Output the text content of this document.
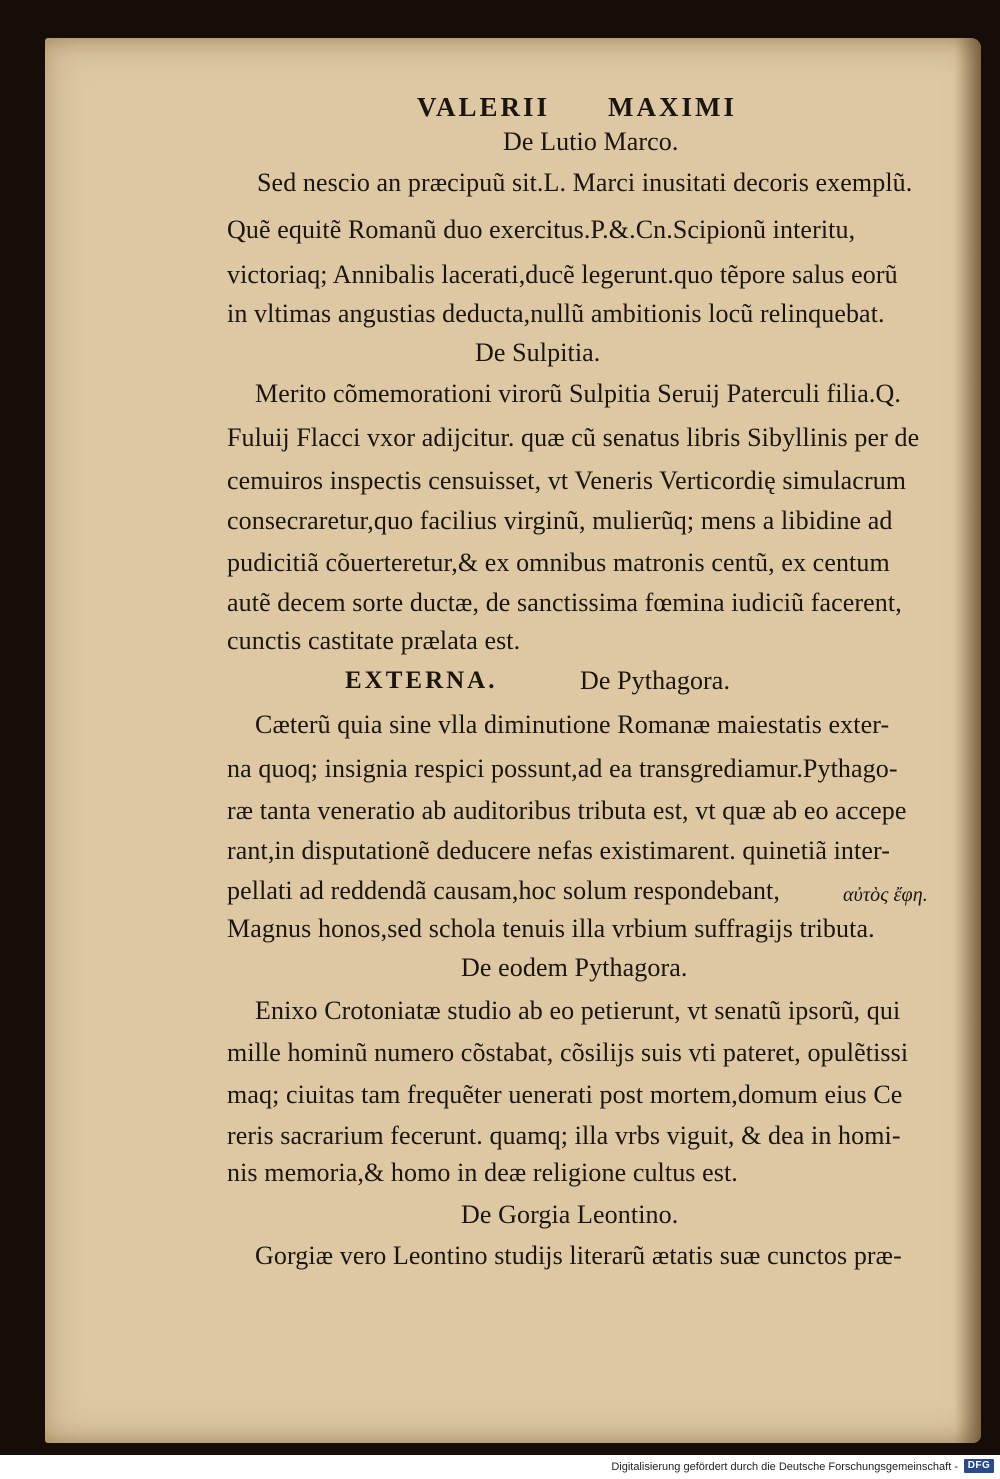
VALERII MAXIMI
De Lutio Marco.
Sed nescio an præcipuũ sit.L. Marci inusitati decoris exemplũ.
Quẽ equitẽ Romanũ duo exercitus.P.&.Cn.Scipionũ interitu,
victoriaq; Annibalis lacerati,ducẽ legerunt.quo tẽpore salus eorũ
in vltimas angustias deducta,nullũ ambitionis locũ relinquebat.
De Sulpitia.
Merito cõmemorationi virorũ Sulpitia Seruij Paterculi filia.Q.
Fuluij Flacci vxor adijcitur. quæ cũ senatus libris Sibyllinis per de
cemuiros inspectis censuisset, vt Veneris Verticordię simulacrum
consecraretur,quo facilius virginũ, mulierũq; mens a libidine ad
pudicitiã cõuerteretur,& ex omnibus matronis centũ, ex centum
autẽ decem sorte ductæ, de sanctissima fœmina iudiciũ facerent,
cunctis castitate prælata est.
EXTERNA.	De Pythagora.
Cæterũ quia sine vlla diminutione Romanæ maiestatis exter-
na quoq; insignia respici possunt,ad ea transgrediamur.Pythago-
ræ tanta veneratio ab auditoribus tributa est, vt quæ ab eo accepe
rant,in disputationẽ deducere nefas existimarent. quinetiã inter-
pellati ad reddendã causam,hoc solum respondebant,	αὐτὸς ἔφη.
Magnus honos,sed schola tenuis illa vrbium suffragijs tributa.
De eodem Pythagora.
Enixo Crotoniatæ studio ab eo petierunt, vt senatũ ipsorũ, qui
mille hominũ numero cõstabat, cõsilijs suis vti pateret, opulẽtissi
maq; ciuitas tam frequẽter uenerati post mortem,domum eius Ce
reris sacrarium fecerunt. quamq; illa vrbs viguit, & dea in homi-
nis memoria,& homo in deæ religione cultus est.
De Gorgia Leontino.
Gorgiæ vero Leontino studijs literarũ ætatis suæ cunctos præ-
Digitalisierung gefördert durch die Deutsche Forschungsgemeinschaft - DFG
